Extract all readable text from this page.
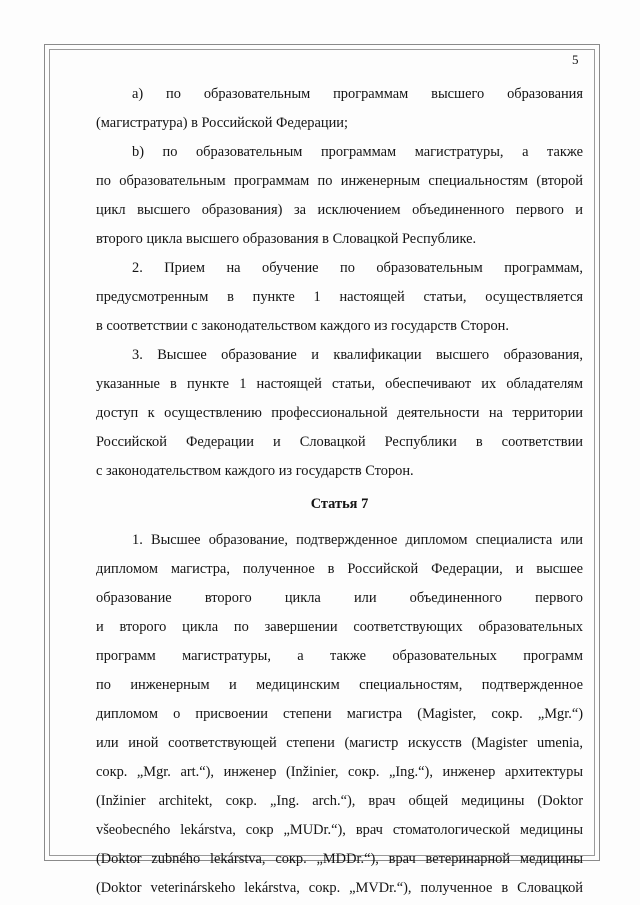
5
а) по образовательным программам высшего образования
(магистратура) в Российской Федерации;
b) по образовательным программам магистратуры, а также
по образовательным программам по инженерным специальностям (второй
цикл высшего образования) за исключением объединенного первого и
второго цикла высшего образования в Словацкой Республике.
2. Прием на обучение по образовательным программам,
предусмотренным в пункте 1 настоящей статьи, осуществляется
в соответствии с законодательством каждого из государств Сторон.
3. Высшее образование и квалификации высшего образования,
указанные в пункте 1 настоящей статьи, обеспечивают их обладателям
доступ к осуществлению профессиональной деятельности на территории
Российской Федерации и Словацкой Республики в соответствии
с законодательством каждого из государств Сторон.
Статья 7
1. Высшее образование, подтвержденное дипломом специалиста или
дипломом магистра, полученное в Российской Федерации, и высшее
образование второго цикла или объединенного первого
и второго цикла по завершении соответствующих образовательных
программ магистратуры, а также образовательных программ
по инженерным и медицинским специальностям, подтвержденное
дипломом о присвоении степени магистра (Magister, сокр. „Mgr.“)
или иной соответствующей степени (магистр искусств (Magister umenia,
сокр. „Mgr. art.“), инженер (Inžinier, сокр. „Ing.“), инженер архитектуры
(Inžinier architekt, сокр. „Ing. arch.“), врач общей медицины (Doktor
všeobecného lekárstva, сокр „MUDr.“), врач стоматологической медицины
(Doktor zubného lekárstva, сокр. „MDDr.“), врач ветеринарной медицины
(Doktor veterinárskeho lekárstva, сокр. „MVDr.“), полученное в Словацкой
